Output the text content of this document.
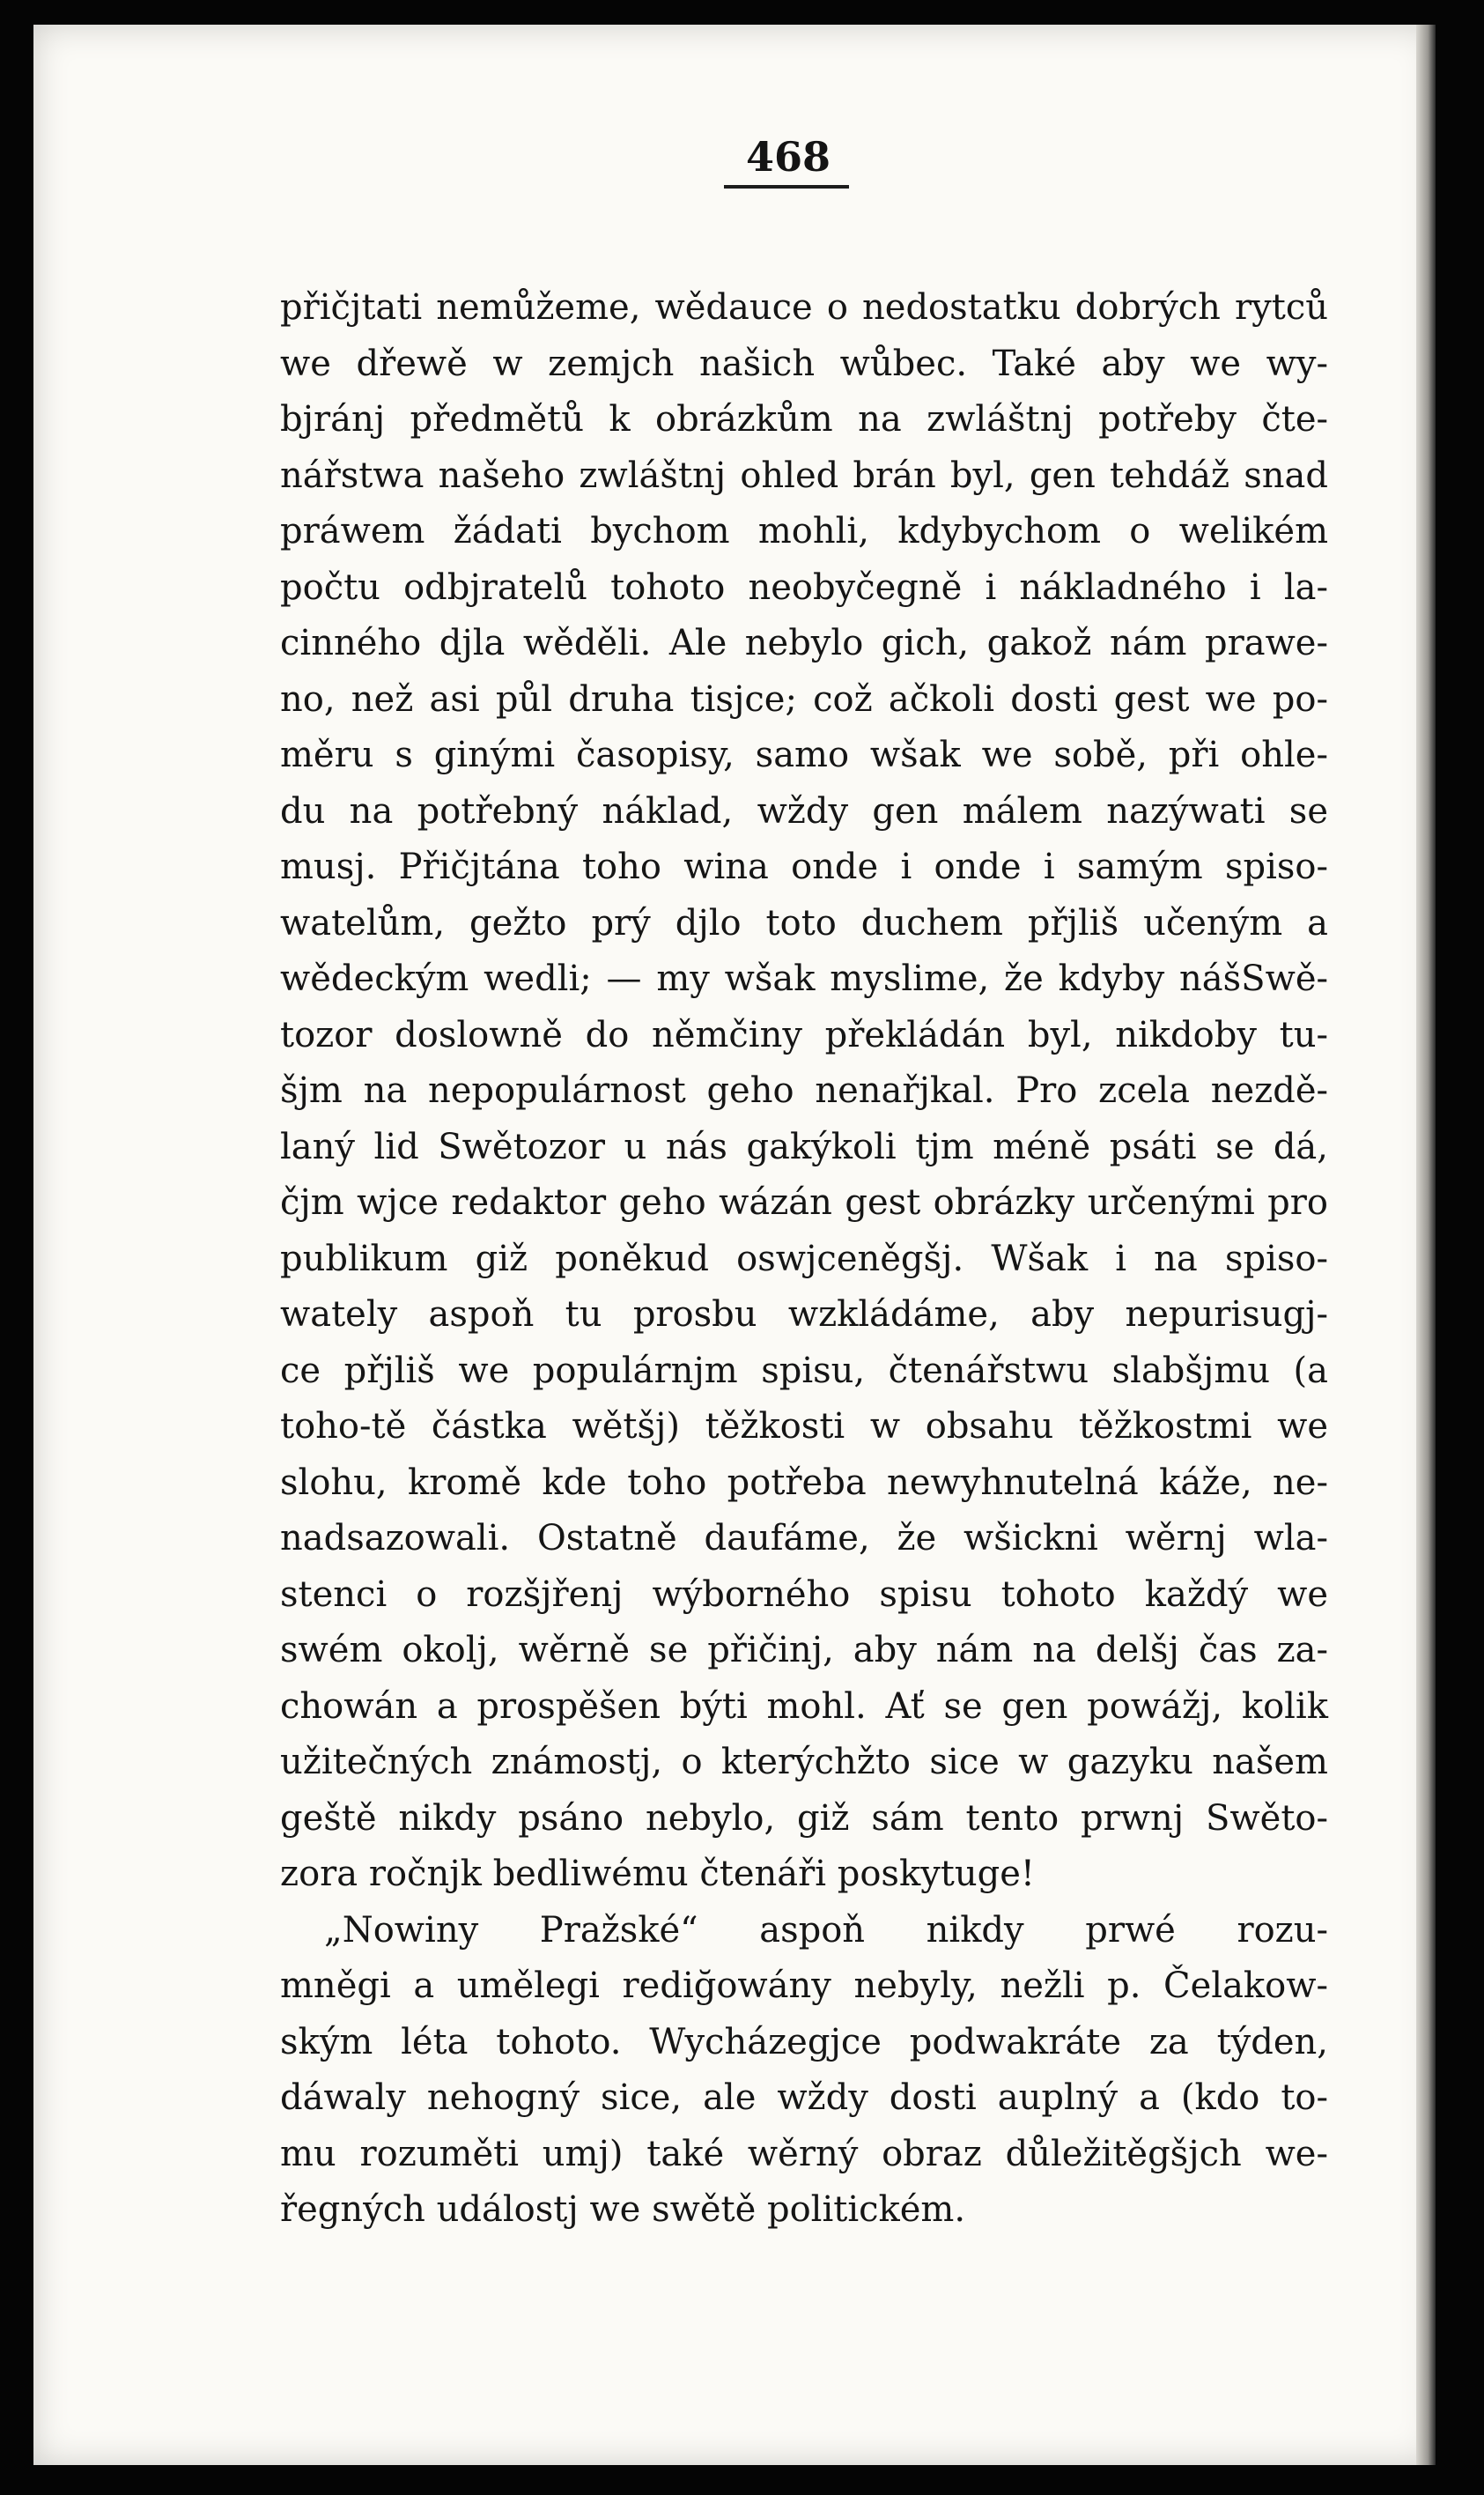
468
přičjtati nemůžeme, wědauce o nedostatku dobrých rytců
we dřewě w zemjch našich wůbec. Také aby we wy-
bjránj předmětů k obrázkům na zwláštnj potřeby čte-
nářstwa našeho zwláštnj ohled brán byl, gen tehdáž snad
práwem žádati bychom mohli, kdybychom o welikém
počtu odbjratelů tohoto neobyčegně i nákladného i la-
cinného djla wěděli. Ale nebylo gich, gakož nám prawe-
no, než asi půl druha tisjce; což ačkoli dosti gest we po-
měru s ginými časopisy, samo wšak we sobě, při ohle-
du na potřebný náklad, wždy gen málem nazýwati se
musj. Přičjtána toho wina onde i onde i samým spiso-
watelům, gežto prý djlo toto duchem přjliš učeným a
wědeckým wedli; — my wšak myslime, že kdyby nášSwě-
tozor doslowně do němčiny překládán byl, nikdoby tu-
šjm na nepopulárnost geho nenařjkal. Pro zcela nezdě-
laný lid Swětozor u nás gakýkoli tjm méně psáti se dá,
čjm wjce redaktor geho wázán gest obrázky určenými pro
publikum giž poněkud oswjceněgšj. Wšak i na spiso-
wately aspoň tu prosbu wzkládáme, aby nepurisugj-
ce přjliš we populárnjm spisu, čtenářstwu slabšjmu (a
toho-tě částka wětšj) těžkosti w obsahu těžkostmi we
slohu, kromě kde toho potřeba newyhnutelná káže, ne-
nadsazowali. Ostatně daufáme, že wšickni wěrnj wla-
stenci o rozšjřenj wýborného spisu tohoto každý we
swém okolj, wěrně se přičinj, aby nám na delšj čas za-
chowán a prospěšen býti mohl. Ať se gen powážj, kolik
užitečných známostj, o kterýchžto sice w gazyku našem
geště nikdy psáno nebylo, giž sám tento prwnj Swěto-
zora ročnjk bedliwému čtenáři poskytuge!
„Nowiny Pražské“ aspoň nikdy prwé rozu-
mněgi a umělegi rediğowány nebyly, nežli p. Čelakow-
ským léta tohoto. Wycházegjce podwakráte za týden,
dáwaly nehogný sice, ale wždy dosti auplný a (kdo to-
mu rozuměti umj) také wěrný obraz důležitěgšjch we-
řegných událostj we swětě politickém.
